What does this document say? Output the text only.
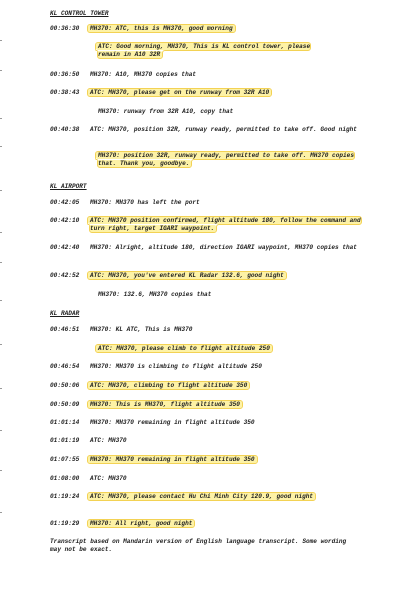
KL CONTROL TOWER
00:36:30 MH370: ATC, this is MH370, good morning
ATC: Good morning, MH370, This is KL control tower, please remain in A10 32R
00:36:50 MH370: A10, MH370 copies that
00:38:43 ATC: MH370, please get on the runway from 32R A10
MH370: runway from 32R A10, copy that
00:40:38 ATC: MH370, position 32R, runway ready, permitted to take off. Good night
MH370: position 32R, runway ready, permitted to take off. MH370 copies that. Thank you, goodbye.
KL AIRPORT
00:42:05 MH370: MH370 has left the port
00:42:10 ATC: MH370 position confirmed, flight altitude 180, follow the command and turn right, target IGARI waypoint.
00:42:40 MH370: Alright, altitude 180, direction IGARI waypoint, MH370 copies that
00:42:52 ATC: MH370, you've entered KL Radar 132.6, good night
MH370: 132.6, MH370 copies that
KL RADAR
00:46:51 MH370: KL ATC, This is MH370
ATC: MH370, please climb to flight altitude 250
00:46:54 MH370: MH370 is climbing to flight altitude 250
00:50:06 ATC: MH370, climbing to flight altitude 350
00:50:09 MH370: This is MH370, flight altitude 350
01:01:14 MH370: MH370 remaining in flight altitude 350
01:01:19 ATC: MH370
01:07:55 MH370: MH370 remaining in flight altitude 350
01:08:00 ATC: MH370
01:19:24 ATC: MH370, please contact Hu Chi Minh City 120.9, good night
01:19:29 MH370: All right, good night
Transcript based on Mandarin version of English language transcript. Some wording may not be exact.
